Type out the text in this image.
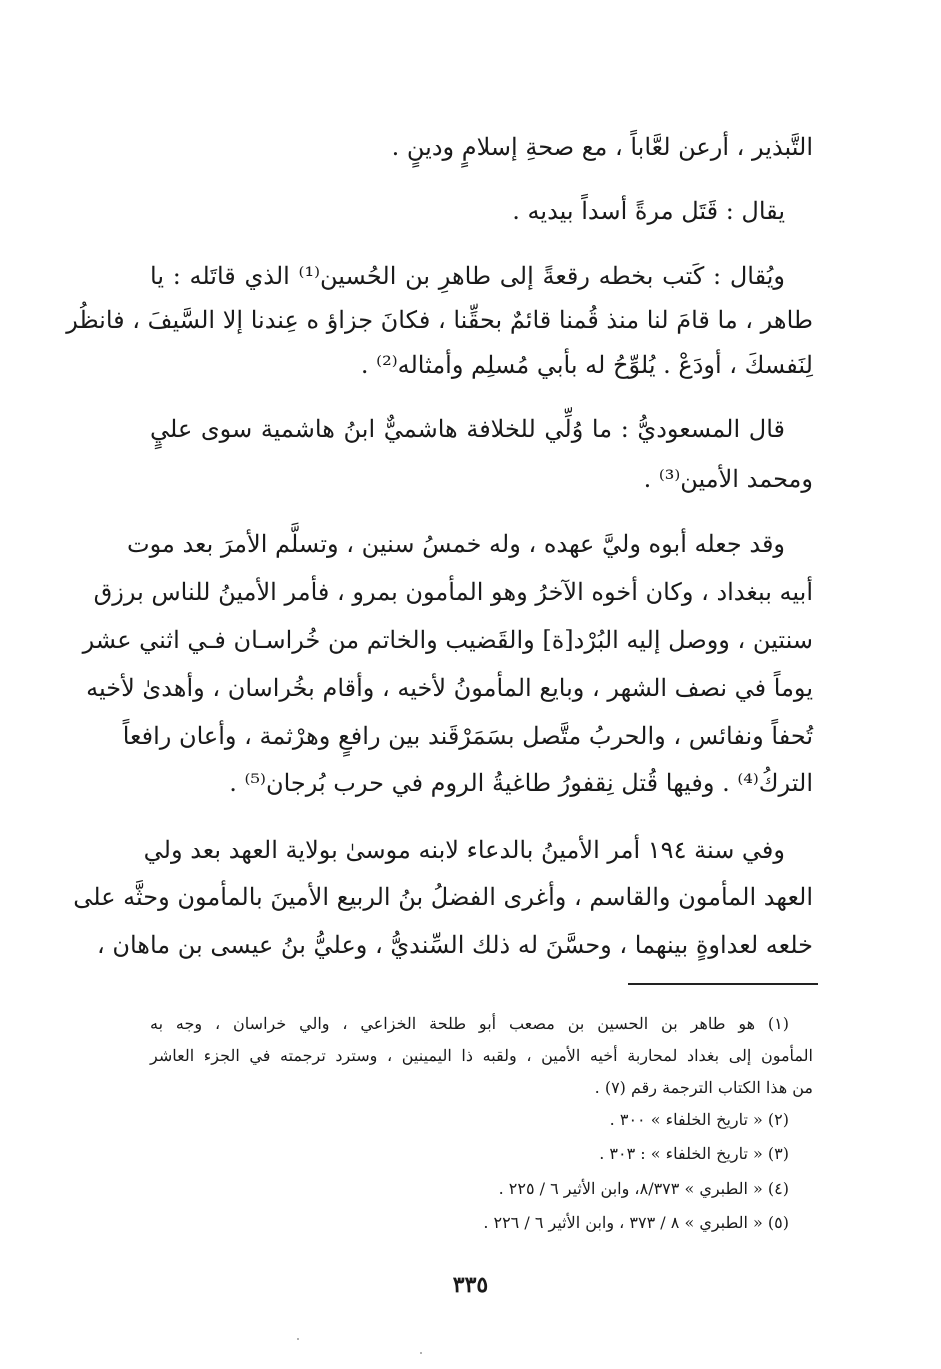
التَّبذير ، أرعن لعَّاباً ، مع صحةِ إسلامٍ ودينٍ .
يقال : قَتَل مرةً أسداً بيديه .
ويُقال : كَتب بخطه رقعةً إلى طاهرِ بن الحُسين⁽¹⁾ الذي قاتَله : يا
طاهر ، ما قامَ لنا منذ قُمنا قائمٌ بحقِّنا ، فكانَ جزاؤ ه عِندنا إلا السَّيفَ ، فانظُر
لِنَفسكَ ، أودَعْ . يُلوِّحُ له بأبي مُسلِم وأمثاله⁽²⁾ .
قال المسعوديُّ : ما وُلِّي للخلافة هاشميٌّ ابنُ هاشمية سوى عليٍ
ومحمد الأمين⁽³⁾ .
وقد جعله أبوه وليَّ عهده ، وله خمسُ سنين ، وتسلَّم الأمرَ بعد موت
أبيه ببغداد ، وكان أخوه الآخرُ وهو المأمون بمرو ، فأمر الأمينُ للناس برزق
سنتين ، ووصل إليه البُرْد[ة] والقَضيب والخاتم من خُراسـان فـي اثني عشر
يوماً في نصف الشهر ، وبايع المأمونُ لأخيه ، وأقام بخُراسان ، وأهدىٰ لأخيه
تُحفاً ونفائس ، والحربُ متَّصل بسَمَرْقَند بين رافعٍ وهرْثمة ، وأعان رافعاً
التركُ⁽⁴⁾ . وفيها قُتل نِقفورُ طاغيةُ الروم في حرب بُرجان⁽⁵⁾ .
وفي سنة ١٩٤ أمر الأمينُ بالدعاء لابنه موسىٰ بولاية العهد بعد ولي
العهد المأمون والقاسم ، وأغرى الفضلُ بنُ الربيع الأمينَ بالمأمون وحثَّه على
خلعه لعداوةٍ بينهما ، وحسَّنَ له ذلك السِّنديُّ ، وعليُّ بنُ عيسى بن ماهان ،
(١) هو طاهر بن الحسين بن مصعب أبو طلحة الخزاعي ، والي خراسان ، وجه به
المأمون إلى بغداد لمحاربة أخيه الأمين ، ولقبه ذا اليمينين ، وسترد ترجمته في الجزء العاشر
من هذا الكتاب الترجمة رقم (٧) .
(٢) « تاريخ الخلفاء » ٣٠٠ .
(٣) « تاريخ الخلفاء » : ٣٠٣ .
(٤) « الطبري » ٨/٣٧٣، وابن الأثير ٦ / ٢٢٥ .
(٥) « الطبري » ٨ / ٣٧٣ ، وابن الأثير ٦ / ٢٢٦ .
٣٣٥
